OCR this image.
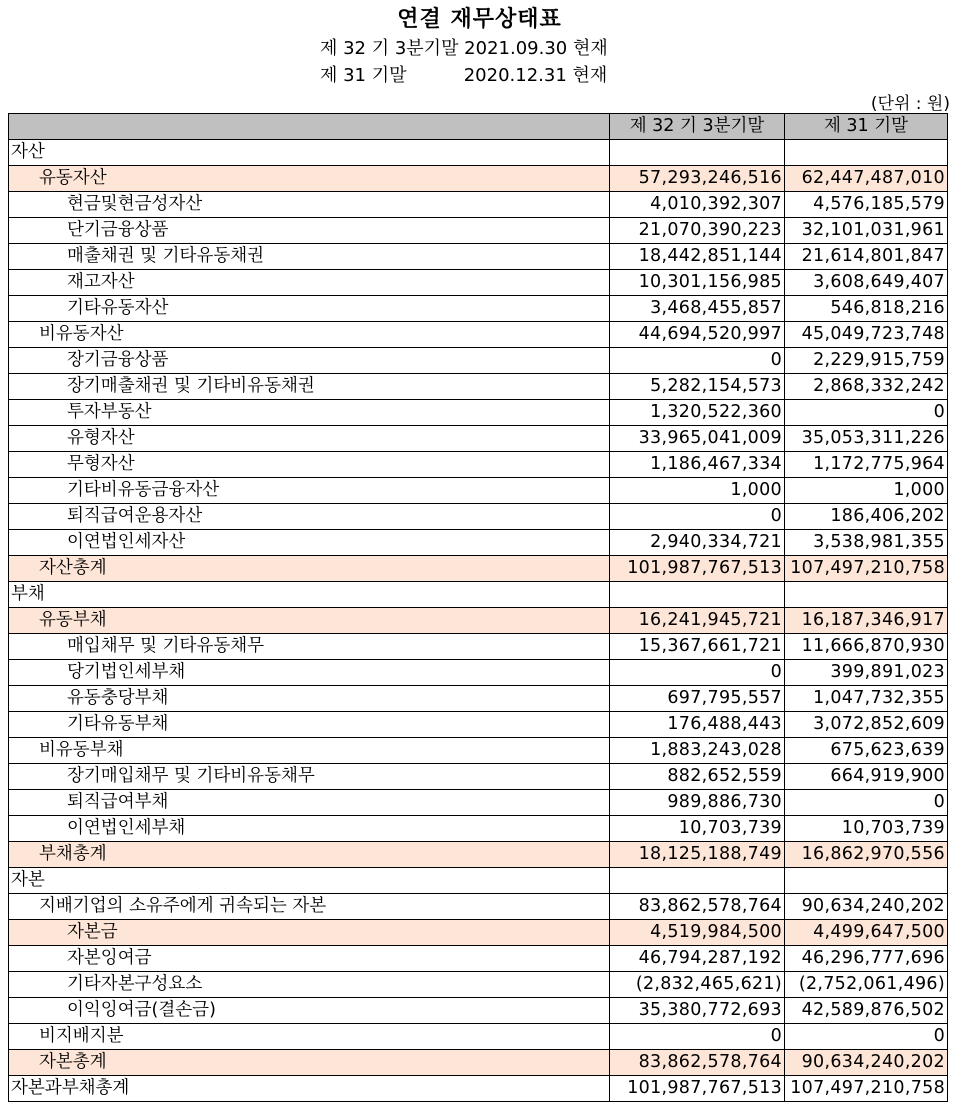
연결 재무상태표
제 32 기 3분기말 2021.09.30 현재
제 31 기말          2020.12.31 현재
(단위 : 원)
	제 32 기 3분기말	제 31 기말
자산		
유동자산	57,293,246,516	62,447,487,010
현금및현금성자산	4,010,392,307	4,576,185,579
단기금융상품	21,070,390,223	32,101,031,961
매출채권 및 기타유동채권	18,442,851,144	21,614,801,847
재고자산	10,301,156,985	3,608,649,407
기타유동자산	3,468,455,857	546,818,216
비유동자산	44,694,520,997	45,049,723,748
장기금융상품	0	2,229,915,759
장기매출채권 및 기타비유동채권	5,282,154,573	2,868,332,242
투자부동산	1,320,522,360	0
유형자산	33,965,041,009	35,053,311,226
무형자산	1,186,467,334	1,172,775,964
기타비유동금융자산	1,000	1,000
퇴직급여운용자산	0	186,406,202
이연법인세자산	2,940,334,721	3,538,981,355
자산총계	101,987,767,513	107,497,210,758
부채		
유동부채	16,241,945,721	16,187,346,917
매입채무 및 기타유동채무	15,367,661,721	11,666,870,930
당기법인세부채	0	399,891,023
유동충당부채	697,795,557	1,047,732,355
기타유동부채	176,488,443	3,072,852,609
비유동부채	1,883,243,028	675,623,639
장기매입채무 및 기타비유동채무	882,652,559	664,919,900
퇴직급여부채	989,886,730	0
이연법인세부채	10,703,739	10,703,739
부채총계	18,125,188,749	16,862,970,556
자본		
지배기업의 소유주에게 귀속되는 자본	83,862,578,764	90,634,240,202
자본금	4,519,984,500	4,499,647,500
자본잉여금	46,794,287,192	46,296,777,696
기타자본구성요소	(2,832,465,621)	(2,752,061,496)
이익잉여금(결손금)	35,380,772,693	42,589,876,502
비지배지분	0	0
자본총계	83,862,578,764	90,634,240,202
자본과부채총계	101,987,767,513	107,497,210,758
